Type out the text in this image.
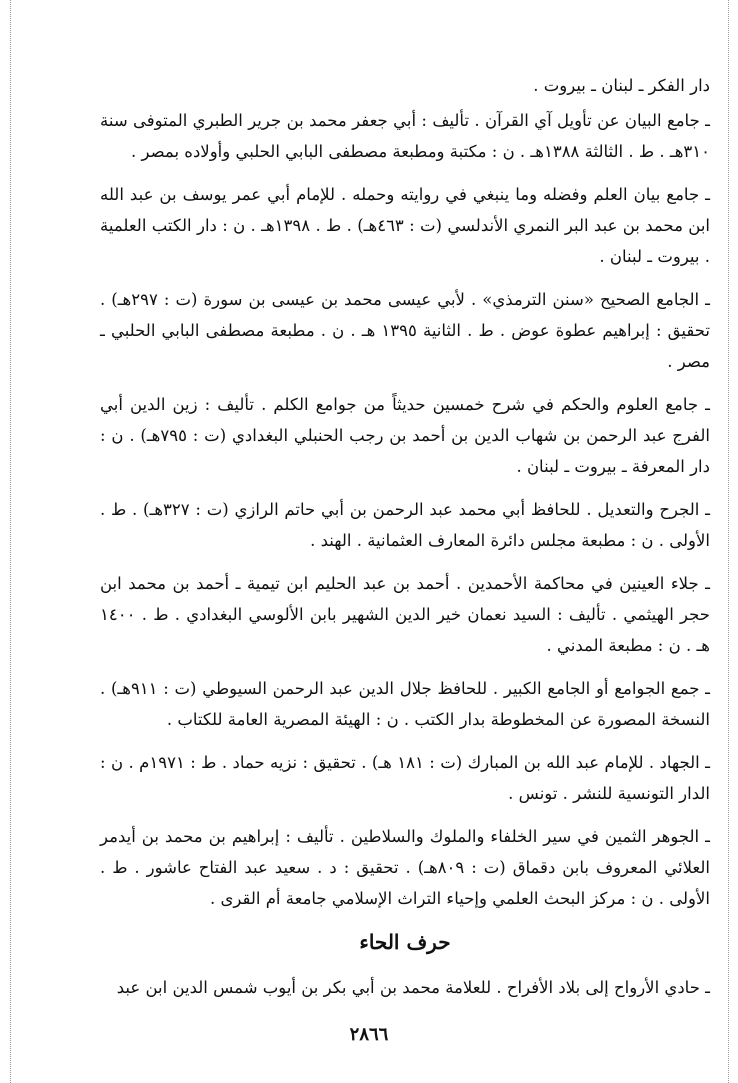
دار الفكر ـ لبنان ـ بيروت .

ـ جامع البيان عن تأويل آي القرآن . تأليف : أبي جعفر محمد بن جرير الطبري المتوفى سنة ٣١٠هـ . ط . الثالثة ١٣٨٨هـ . ن : مكتبة ومطبعة مصطفى البابي الحلبي وأولاده بمصر .

ـ جامع بيان العلم وفضله وما ينبغي في روايته وحمله . للإمام أبي عمر يوسف بن عبد الله ابن محمد بن عبد البر النمري الأندلسي (ت : ٤٦٣هـ) . ط . ١٣٩٨هـ . ن : دار الكتب العلمية . بيروت ـ لبنان .

ـ الجامع الصحيح «سنن الترمذي» . لأبي عيسى محمد بن عيسى بن سورة (ت : ٢٩٧هـ) . تحقيق : إبراهيم عطوة عوض . ط . الثانية ١٣٩٥ هـ . ن . مطبعة مصطفى البابي الحلبي ـ مصر .

ـ جامع العلوم والحكم في شرح خمسين حديثاً من جوامع الكلم . تأليف : زين الدين أبي الفرج عبد الرحمن بن شهاب الدين بن أحمد بن رجب الحنبلي البغدادي (ت : ٧٩٥هـ) . ن : دار المعرفة ـ بيروت ـ لبنان .

ـ الجرح والتعديل . للحافظ أبي محمد عبد الرحمن بن أبي حاتم الرازي (ت : ٣٢٧هـ) . ط . الأولى . ن : مطبعة مجلس دائرة المعارف العثمانية . الهند .

ـ جلاء العينين في محاكمة الأحمدين . أحمد بن عبد الحليم ابن تيمية ـ أحمد بن محمد ابن حجر الهيثمي . تأليف : السيد نعمان خير الدين الشهير بابن الألوسي البغدادي . ط . ١٤٠٠ هـ . ن : مطبعة المدني .

ـ جمع الجوامع أو الجامع الكبير . للحافظ جلال الدين عبد الرحمن السيوطي (ت : ٩١١هـ) . النسخة المصورة عن المخطوطة بدار الكتب . ن : الهيئة المصرية العامة للكتاب .

ـ الجهاد . للإمام عبد الله بن المبارك (ت : ١٨١ هـ) . تحقيق : نزيه حماد . ط : ١٩٧١م . ن : الدار التونسية للنشر . تونس .

ـ الجوهر الثمين في سير الخلفاء والملوك والسلاطين . تأليف : إبراهيم بن محمد بن أيدمر العلائي المعروف بابن دقماق (ت : ٨٠٩هـ) . تحقيق : د . سعيد عبد الفتاح عاشور . ط . الأولى . ن : مركز البحث العلمي وإحياء التراث الإسلامي جامعة أم القرى .

حرف الحاء

ـ حادي الأرواح إلى بلاد الأفراح . للعلامة محمد بن أبي بكر بن أيوب شمس الدين ابن عبد

٢٨٦٦
